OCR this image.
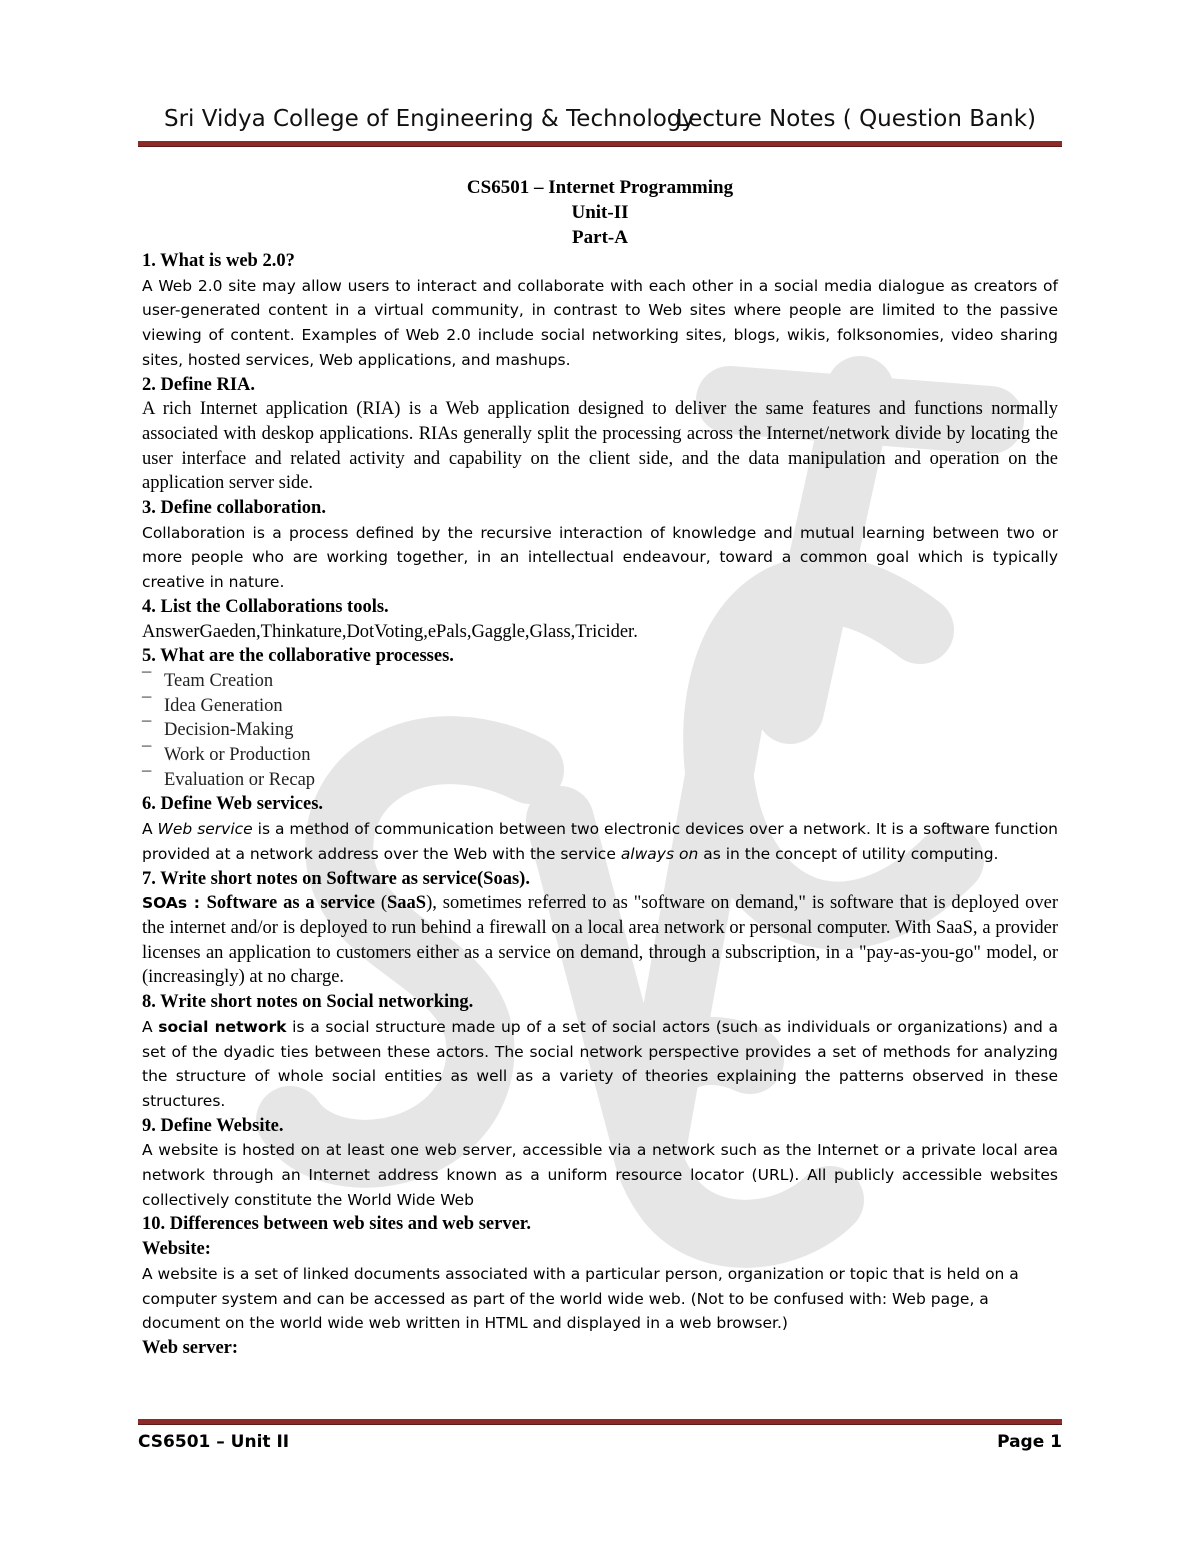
Sri Vidya College of Engineering & Technology
Lecture Notes ( Question Bank)
CS6501 – Internet Programming
Unit-II
Part-A

1. What is web 2.0?

A Web 2.0 site may allow users to interact and collaborate with each other in a social media dialogue as creators of user-generated content in a virtual community, in contrast to Web sites where people are limited to the passive viewing of content. Examples of Web 2.0 include social networking sites, blogs, wikis, folksonomies, video sharing sites, hosted services, Web applications, and mashups.

2. Define RIA.

A rich Internet application (RIA) is a Web application designed to deliver the same features and functions normally associated with deskop applications. RIAs generally split the processing across the Internet/network divide by locating the user interface and related activity and capability on the client side, and the data manipulation and operation on the application server side.

3. Define collaboration.

Collaboration is a process defined by the recursive interaction of knowledge and mutual learning between two or more people who are working together, in an intellectual endeavour, toward a common goal which is typically creative in nature.

4. List the Collaborations tools.

AnswerGaeden,Thinkature,DotVoting,ePals,Gaggle,Glass,Tricider.

5. What are the collaborative processes.

¯ Team Creation
¯ Idea Generation
¯ Decision-Making
¯ Work or Production
¯ Evaluation or Recap

6. Define Web services.

A Web service is a method of communication between two electronic devices over a network. It is a software function provided at a network address over the Web with the service always on as in the concept of utility computing.

7. Write short notes on Software as service(Soas).

SOAs : Software as a service (SaaS), sometimes referred to as "software on demand," is software that is deployed over the internet and/or is deployed to run behind a firewall on a local area network or personal computer. With SaaS, a provider licenses an application to customers either as a service on demand, through a subscription, in a "pay-as-you-go" model, or (increasingly) at no charge.

8. Write short notes on Social networking.

A social network is a social structure made up of a set of social actors (such as individuals or organizations) and a set of the dyadic ties between these actors. The social network perspective provides a set of methods for analyzing the structure of whole social entities as well as a variety of theories explaining the patterns observed in these structures.

9. Define Website.

A website is hosted on at least one web server, accessible via a network such as the Internet or a private local area network through an Internet address known as a uniform resource locator (URL). All publicly accessible websites collectively constitute the World Wide Web

10. Differences between web sites and web server.

Website:

A website is a set of linked documents associated with a particular person, organization or topic that is held on a computer system and can be accessed as part of the world wide web. (Not to be confused with: Web page, a document on the world wide web written in HTML and displayed in a web browser.)

Web server:

CS6501 – Unit II	Page 1
